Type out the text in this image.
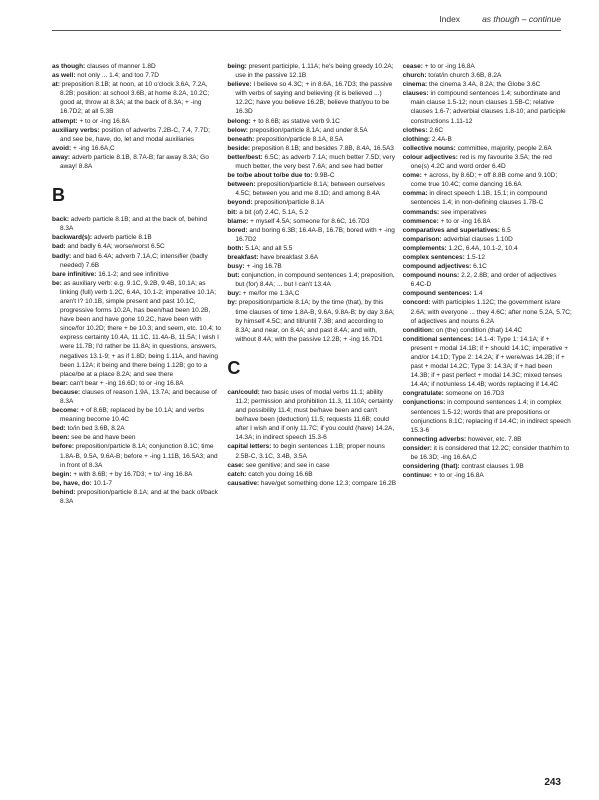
Index	as though – continue

as though: clauses of manner 1.8D

as well: not only ... 1.4; and too 7.7D

at: preposition 8.1B; at noon, at 10 o'clock 3.6A, 7.2A, 8.2B; position: at school 3.6B, at home 8.2A, 10.2C; good at, throw at 8.3A; at the back of 8.3A; + -ing 16.7D2; at all 5.3B

attempt: + to or -ing 16.8A

auxiliary verbs: position of adverbs 7.2B-C, 7.4, 7.7D; and see be, have, do, let and modal auxiliaries

avoid: + -ing 16.6A,C

away: adverb particle 8.1B, 8.7A-B; far away 8.3A; Go away! 8.8A

B

back: adverb particle 8.1B; and at the back of, behind 8.3A

backward(s): adverb particle 8.1B

bad: and badly 6.4A; worse/worst 6.5C

badly: and bad 6.4A; adverb 7.1A,C; intensifier (badly needed) 7.6B

bare infinitive: 16.1-2; and see infinitive

be: as auxiliary verb: e.g. 9.1C, 9.2B, 9.4B, 10.1A; as linking (full) verb 1.2C, 6.4A, 10.1-2; imperative 10.1A; aren't I? 10.1B, simple present and past 10.1C, progressive forms 10.2A, has been/had been 10.2B, have been and have gone 10.2C, have been with since/for 10.2D; there + be 10.3; and seem, etc. 10.4; to express certainty 10.4A, 11.1C, 11.4A-B, 11.5A; I wish I were 11.7B; I'd rather be 11.8A; in questions, answers, negatives 13.1-9; + as if 1.8D; being 1.11A, and having been 1.12A; it being and there being 1.12B; go to a place/be at a place 8.2A; and see there

bear: can't bear + -ing 16.6D; to or -ing 16.8A

because: clauses of reason 1.9A, 13.7A; and because of 8.3A

become: + of 8.6B; replaced by be 10.1A; and verbs meaning become 10.4C

bed: to/in bed 3.6B, 8.2A

been: see be and have been

before: preposition/particle 8.1A; conjunction 8.1C; time 1.8A-B, 9.5A, 9.6A-B; before + -ing 1.11B, 16.5A3; and in front of 8.3A

begin: + with 8.6B; + by 16.7D3; + to/ -ing 16.8A

be, have, do: 10.1-7

behind: preposition/particle 8.1A; and at the back of/back 8.3A

being: present participle, 1.11A; he's being greedy 10.2A; use in the passive 12.1B

believe: I believe so 4.3C; + in 8.6A, 16.7D3; the passive with verbs of saying and believing (it is believed ...) 12.2C; have you believe 16.2B; believe that/you to be 16.3D

belong: + to 8.6B; as stative verb 9.1C

below: preposition/particle 8.1A; and under 8.5A

beneath: preposition/particle 8.1A, 8.5A

beside: preposition 8.1B; and besides 7.8B, 8.4A, 16.5A3

better/best: 6.5C; as adverb 7.1A; much better 7.5D; very much better, the very best 7.6A; and see had better

be to/be about to/be due to: 9.9B-C

between: preposition/particle 8.1A; between ourselves 4.5C; between you and me 8.1D; and among 8.4A

beyond: preposition/particle 8.1A

bit: a bit (of) 2.4C, 5.1A, 5.2

blame: + myself 4.5A; someone for 8.6C, 16.7D3

bored: and boring 6.3B; 16.4A-B, 16.7B; bored with + -ing 16.7D2

both: 5.1A; and all 5.5

breakfast: have breakfast 3.6A

busy: + -ing 16.7B

but: conjunction, in compound sentences 1.4; preposition, but (for) 8.4A; ... but I can't 13.4A

buy: + me/for me 1.3A,C

by: preposition/particle 8.1A; by the time (that), by this time clauses of time 1.8A-B, 9.6A, 9.8A-B; by day 3.6A; by himself 4.5C; and till/until 7.3B; and according to 8.3A; and near, on 8.4A; and past 8.4A; and with, without 8.4A; with the passive 12.2B; + -ing 16.7D1

C

can/could: two basic uses of modal verbs 11.1; ability 11.2; permission and prohibition 11.3, 11.10A; certainty and possibility 11.4; must be/have been and can't be/have been (deduction) 11.5; requests 11.6B; could after I wish and if only 11.7C; if you could (have) 14.2A, 14.3A; in indirect speech 15.3-6

capital letters: to begin sentences 1.1B; proper nouns 2.5B-C, 3.1C, 3.4B, 3.5A

case: see genitive; and see in case

catch: catch you doing 16.6B

causative: have/get something done 12.3; compare 16.2B

cease: + to or -ing 16.8A

church: to/at/in church 3.6B, 8.2A

cinema: the cinema 3.4A, 8.2A; the Globe 3.6C

clauses: in compound sentences 1.4; subordinate and main clause 1.5-12; noun clauses 1.5B-C; relative clauses 1.6-7; adverbial clauses 1.8-10; and participle constructions 1.11-12

clothes: 2.6C

clothing: 2.4A-B

collective nouns: committee, majority, people 2.6A

colour adjectives: red is my favourite 3.5A; the red one(s) 4.2C and word order 6.4D

come: + across, by 8.6D; + off 8.8B come and 9.10D; come true 10.4C; come dancing 16.6A

comma: in direct speech 1.1B, 15.1; in compound sentences 1.4; in non-defining clauses 1.7B-C

commands: see imperatives

commence: + to or -ing 16.8A

comparatives and superlatives: 6.5

comparison: adverbial clauses 1.10D

complements: 1.2C, 6.4A, 10.1-2, 10.4

complex sentences: 1.5-12

compound adjectives: 6.1C

compound nouns: 2.2, 2.8B; and order of adjectives 6.4C-D

compound sentences: 1.4

concord: with participles 1.12C; the government is/are 2.6A; with everyone ... they 4.6C; after none 5.2A, 5.7C; of adjectives and nouns 6.2A

condition: on (the) condition (that) 14.4C

conditional sentences: 14.1-4: Type 1: 14.1A; if + present + modal 14.1B; if + should 14.1C; imperative + and/or 14.1D; Type 2: 14.2A; if + were/was 14.2B; if + past + modal 14.2C; Type 3: 14.3A; if + had been 14.3B; if + past perfect + modal 14.3C; mixed tenses 14.4A; if not/unless 14.4B; words replacing if 14.4C

congratulate: someone on 16.7D3

conjunctions: in compound sentences 1.4; in complex sentences 1.5-12; words that are prepositions or conjunctions 8.1C; replacing if 14.4C; in indirect speech 15.3-6

connecting adverbs: however, etc. 7.8B

consider: it is considered that 12.2C; consider that/him to be 16.3D; -ing 16.6A,C

considering (that): contrast clauses 1.9B

continue: + to or -ing 16.8A

243
